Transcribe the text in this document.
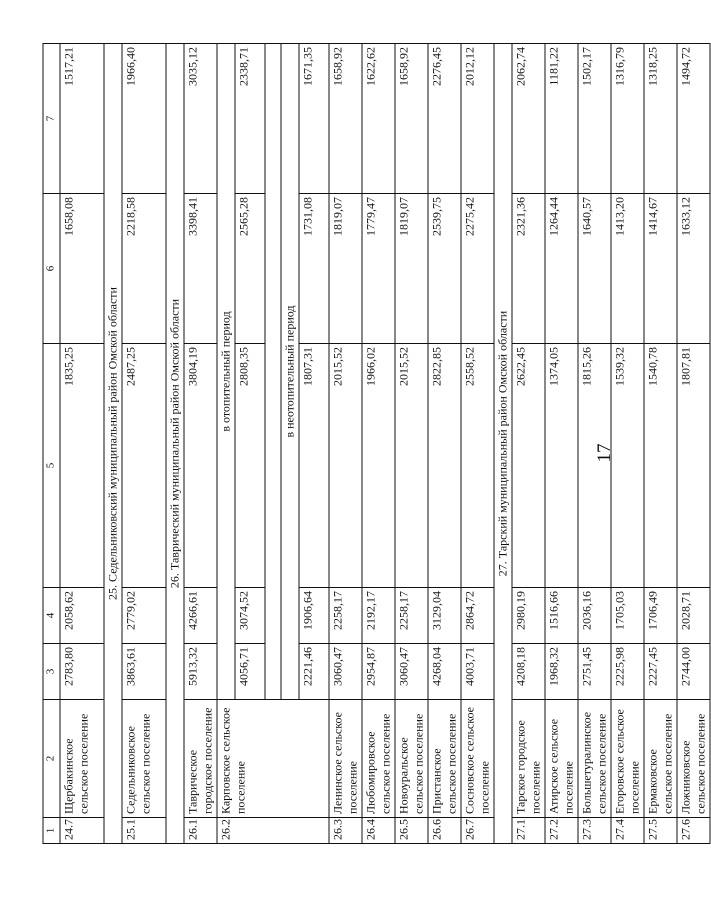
17
1	2	3	4	5	6	7
24.7	Щербакинское сельское поселение	2783,80	2058,62	1835,25	1658,08	1517,21
25. Седельниковский муниципальный район Омской области						
25.1	Седельниковское сельское поселение	3863,61	2779,02	2487,25	2218,58	1966,40
26. Таврический муниципальный район Омской области						
26.1	Таврическое городское поселение	5913,32	4266,61	3804,19	3398,41	3035,12
26.2	Карповское сельское поселение	в отопительный период				
		4056,71	3074,52	2808,35	2565,28	2338,71

		в неотопительный период				
		2221,46	1906,64	1807,31	1731,08	1671,35
26.3	Ленинское сельское поселение	3060,47	2258,17	2015,52	1819,07	1658,92
26.4	Любомировское сельское поселение	2954,87	2192,17	1966,02	1779,47	1622,62
26.5	Новоуральское сельское поселение	3060,47	2258,17	2015,52	1819,07	1658,92
26.6	Пристанское сельское поселение	4268,04	3129,04	2822,85	2539,75	2276,45
26.7	Сосновское сельское поселение	4003,71	2864,72	2558,52	2275,42	2012,12
27. Тарский муниципальный район Омской области						
27.1	Тарское городское поселение	4208,18	2980,19	2622,45	2321,36	2062,74
27.2	Атирское сельское поселение	1968,32	1516,66	1374,05	1264,44	1181,22
27.3	Большетуралинское сельское поселение	2751,45	2036,16	1815,26	1640,57	1502,17
27.4	Егоровское сельское поселение	2225,98	1705,03	1539,32	1413,20	1316,79
27.5	Ермаковское сельское поселение	2227,45	1706,49	1540,78	1414,67	1318,25
27.6	Ложниковское сельское поселение	2744,00	2028,71	1807,81	1633,12	1494,72
